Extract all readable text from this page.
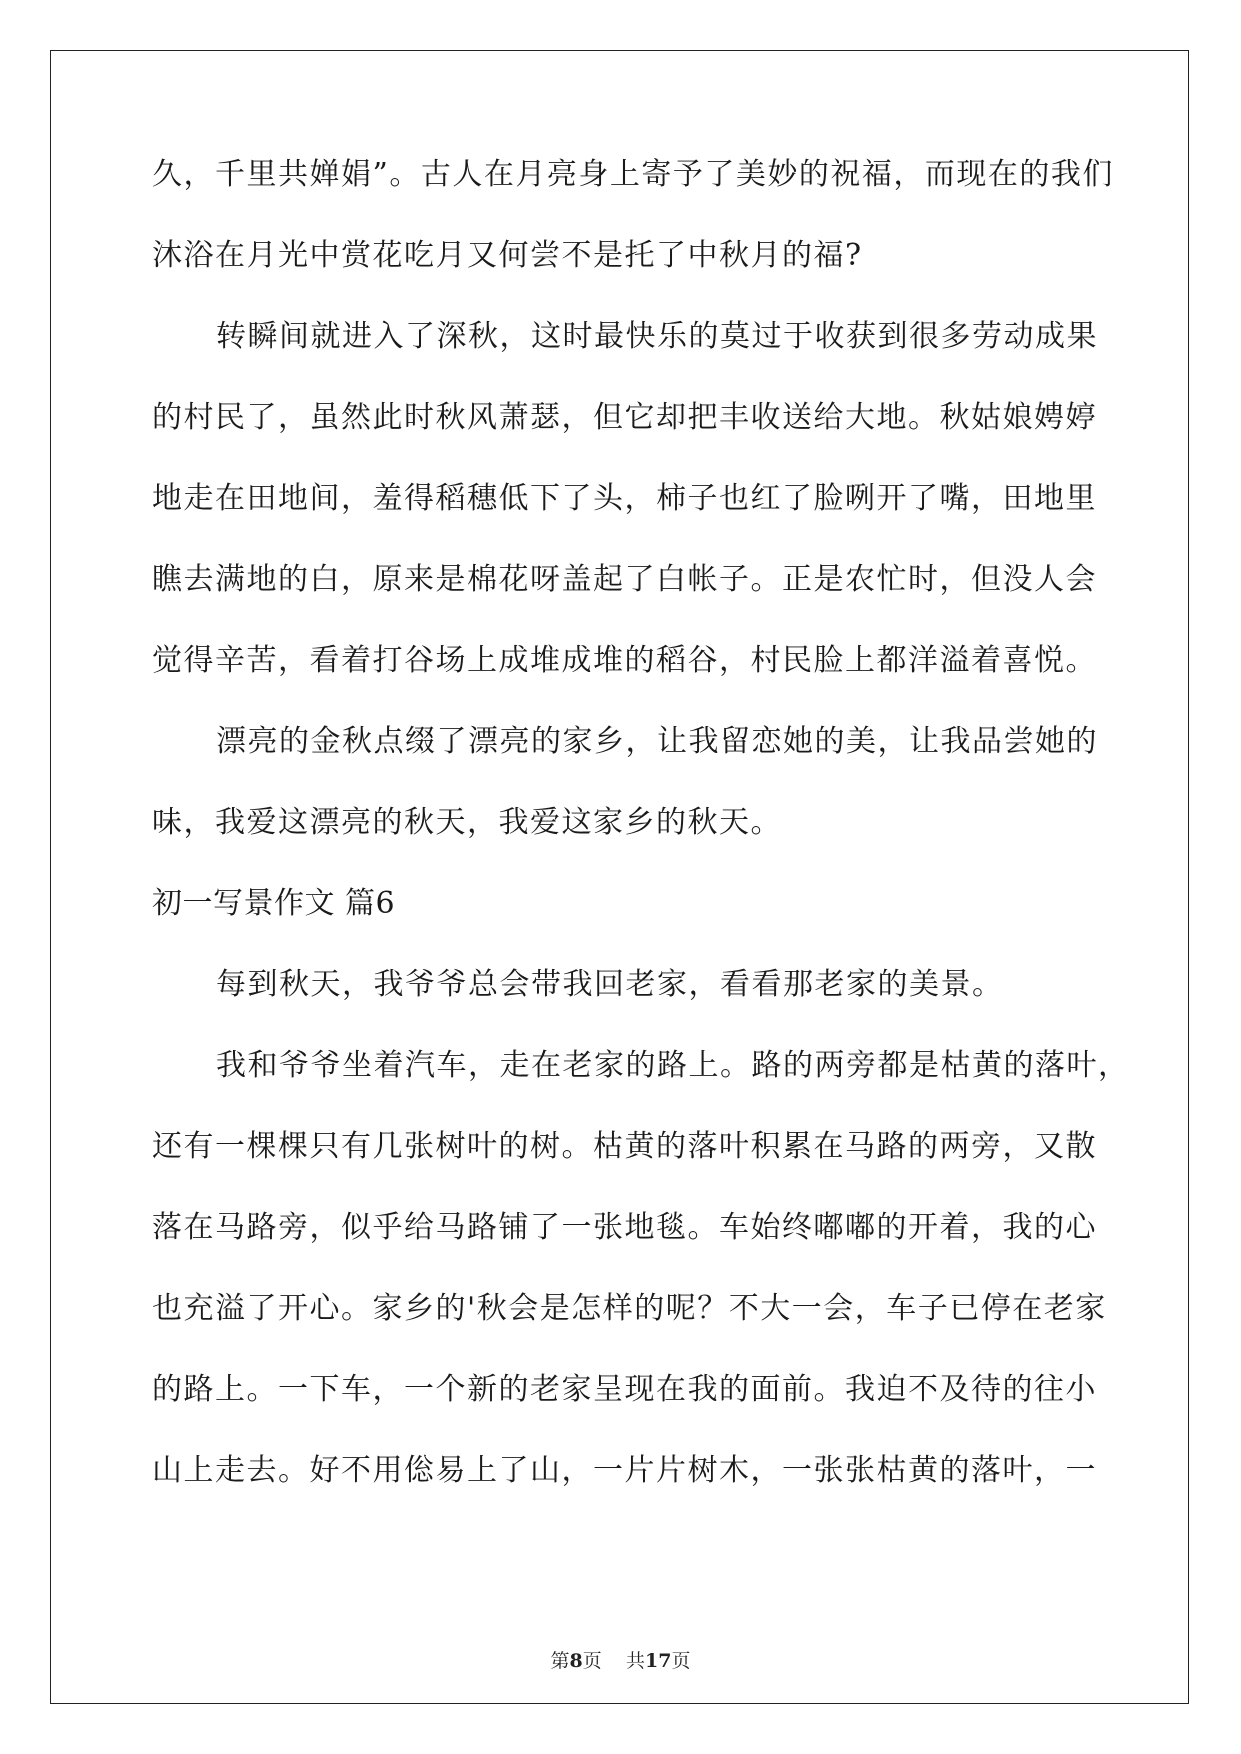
久，千里共婵娟”。古人在月亮身上寄予了美妙的祝福，而现在的我们
沐浴在月光中赏花吃月又何尝不是托了中秋月的福?
转瞬间就进入了深秋，这时最快乐的莫过于收获到很多劳动成果
的村民了，虽然此时秋风萧瑟，但它却把丰收送给大地。秋姑娘娉婷
地走在田地间，羞得稻穗低下了头，柿子也红了脸咧开了嘴，田地里
瞧去满地的白，原来是棉花呀盖起了白帐子。正是农忙时，但没人会
觉得辛苦，看着打谷场上成堆成堆的稻谷，村民脸上都洋溢着喜悦。
漂亮的金秋点缀了漂亮的家乡，让我留恋她的美，让我品尝她的
味，我爱这漂亮的秋天，我爱这家乡的秋天。
初一写景作文 篇6
每到秋天，我爷爷总会带我回老家，看看那老家的美景。
我和爷爷坐着汽车，走在老家的路上。路的两旁都是枯黄的落叶，
还有一棵棵只有几张树叶的树。枯黄的落叶积累在马路的两旁，又散
落在马路旁，似乎给马路铺了一张地毯。车始终嘟嘟的开着，我的心
也充溢了开心。家乡的'秋会是怎样的呢？不大一会，车子已停在老家
的路上。一下车，一个新的老家呈现在我的面前。我迫不及待的往小
山上走去。好不用倊易上了山，一片片树木，一张张枯黄的落叶，一
第8页 共17页
